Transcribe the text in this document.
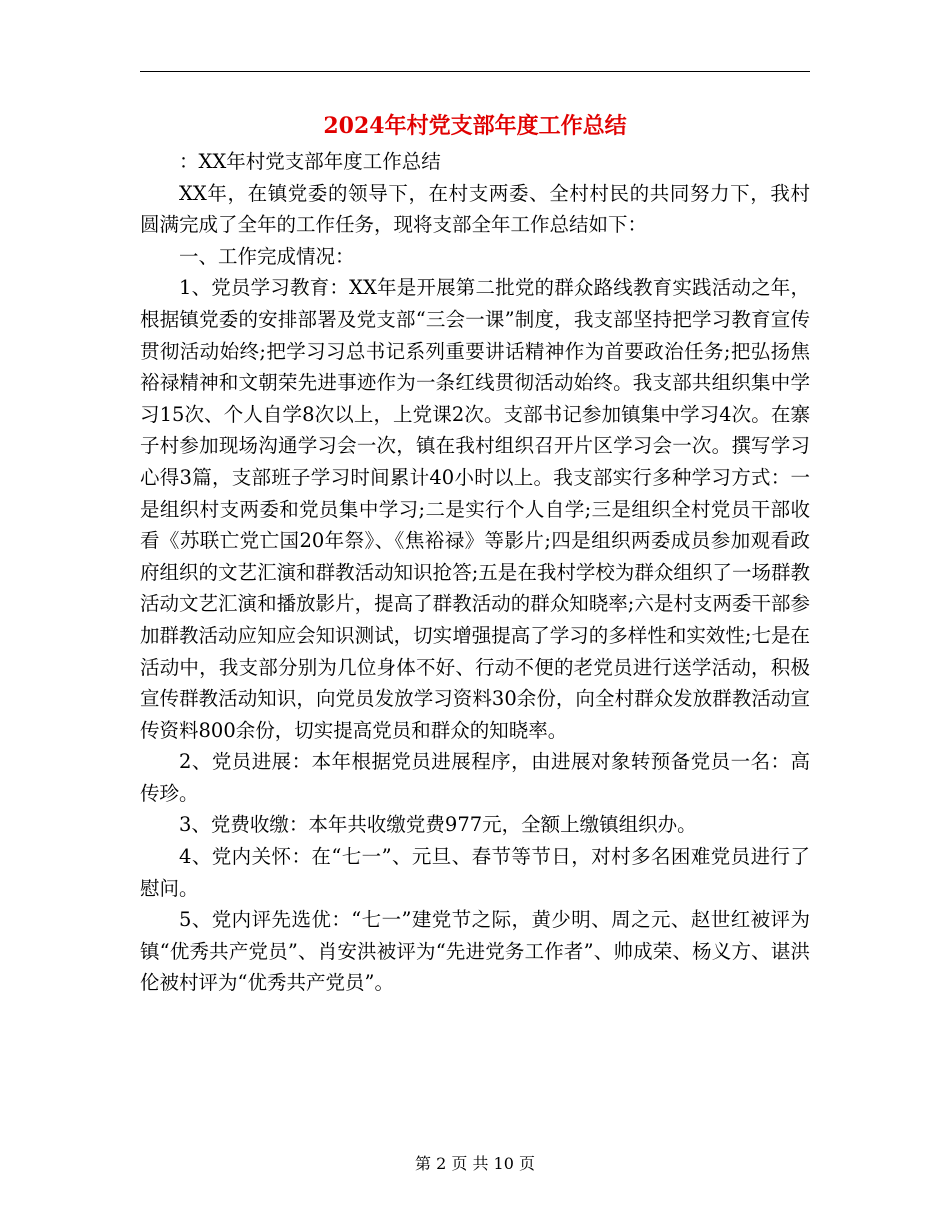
2024年村党支部年度工作总结

：XX年村党支部年度工作总结

XX年，在镇党委的领导下，在村支两委、全村村民的共同努力下，我村圆满完成了全年的工作任务，现将支部全年工作总结如下：

一、工作完成情况：

1、党员学习教育：XX年是开展第二批党的群众路线教育实践活动之年，根据镇党委的安排部署及党支部“三会一课”制度，我支部坚持把学习教育宣传贯彻活动始终;把学习习总书记系列重要讲话精神作为首要政治任务;把弘扬焦裕禄精神和文朝荣先进事迹作为一条红线贯彻活动始终。我支部共组织集中学习15次、个人自学8次以上，上党课2次。支部书记参加镇集中学习4次。在寨子村参加现场沟通学习会一次，镇在我村组织召开片区学习会一次。撰写学习心得3篇，支部班子学习时间累计40小时以上。我支部实行多种学习方式：一是组织村支两委和党员集中学习;二是实行个人自学;三是组织全村党员干部收看《苏联亡党亡国20年祭》、《焦裕禄》等影片;四是组织两委成员参加观看政府组织的文艺汇演和群教活动知识抢答;五是在我村学校为群众组织了一场群教活动文艺汇演和播放影片，提高了群教活动的群众知晓率;六是村支两委干部参加群教活动应知应会知识测试，切实增强提高了学习的多样性和实效性;七是在活动中，我支部分别为几位身体不好、行动不便的老党员进行送学活动，积极宣传群教活动知识，向党员发放学习资料30余份，向全村群众发放群教活动宣传资料800余份，切实提高党员和群众的知晓率。

2、党员进展：本年根据党员进展程序，由进展对象转预备党员一名：高传珍。

3、党费收缴：本年共收缴党费977元，全额上缴镇组织办。

4、党内关怀：在“七一”、元旦、春节等节日，对村多名困难党员进行了慰问。

5、党内评先选优：“七一”建党节之际，黄少明、周之元、赵世红被评为镇“优秀共产党员”、肖安洪被评为“先进党务工作者”、帅成荣、杨义方、谌洪伦被村评为“优秀共产党员”。

第 2 页 共 10 页
